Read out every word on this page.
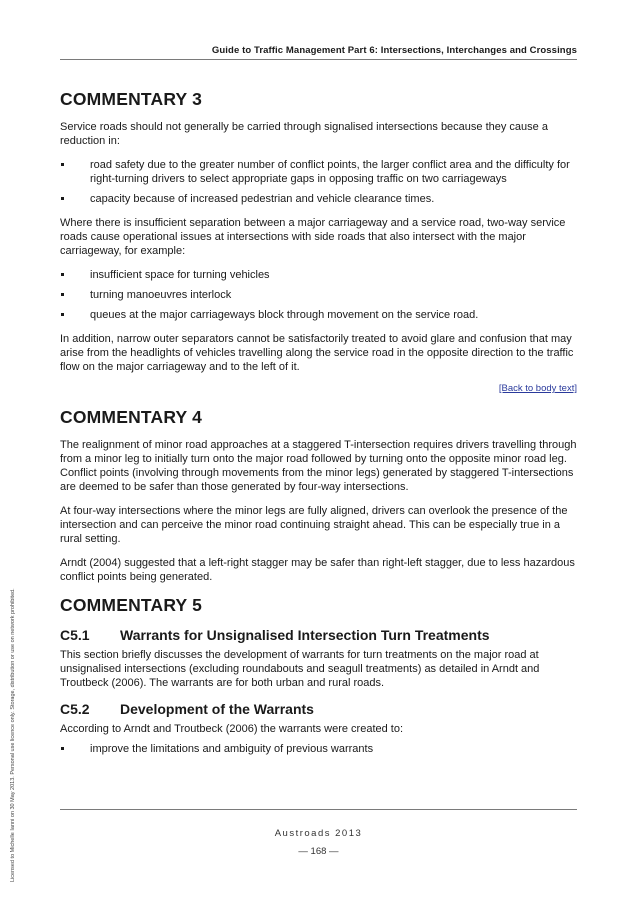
Guide to Traffic Management Part 6: Intersections, Interchanges and Crossings
COMMENTARY 3

Service roads should not generally be carried through signalised intersections because they cause a reduction in:

road safety due to the greater number of conflict points, the larger conflict area and the difficulty for right-turning drivers to select appropriate gaps in opposing traffic on two carriageways
capacity because of increased pedestrian and vehicle clearance times.

Where there is insufficient separation between a major carriageway and a service road, two-way service roads cause operational issues at intersections with side roads that also intersect with the major carriageway, for example:

insufficient space for turning vehicles
turning manoeuvres interlock
queues at the major carriageways block through movement on the service road.

In addition, narrow outer separators cannot be satisfactorily treated to avoid glare and confusion that may arise from the headlights of vehicles travelling along the service road in the opposite direction to the traffic flow on the major carriageway and to the left of it.

[Back to body text]
COMMENTARY 4

The realignment of minor road approaches at a staggered T-intersection requires drivers travelling through from a minor leg to initially turn onto the major road followed by turning onto the opposite minor road leg. Conflict points (involving through movements from the minor legs) generated by staggered T-intersections are deemed to be safer than those generated by four-way intersections.

At four-way intersections where the minor legs are fully aligned, drivers can overlook the presence of the intersection and can perceive the minor road continuing straight ahead. This can be especially true in a rural setting.

Arndt (2004) suggested that a left-right stagger may be safer than right-left stagger, due to less hazardous conflict points being generated.

COMMENTARY 5
C5.1	Warrants for Unsignalised Intersection Turn Treatments

This section briefly discusses the development of warrants for turn treatments on the major road at unsignalised intersections (excluding roundabouts and seagull treatments) as detailed in Arndt and Troutbeck (2006). The warrants are for both urban and rural roads.

C5.2	Development of the Warrants

According to Arndt and Troutbeck (2006) the warrants were created to:

improve the limitations and ambiguity of previous warrants
Austroads 2013
— 168 —
Licensed to Michelle Ianni on 30 May 2013. Personal use licence only. Storage, distribution or use on network prohibited.
